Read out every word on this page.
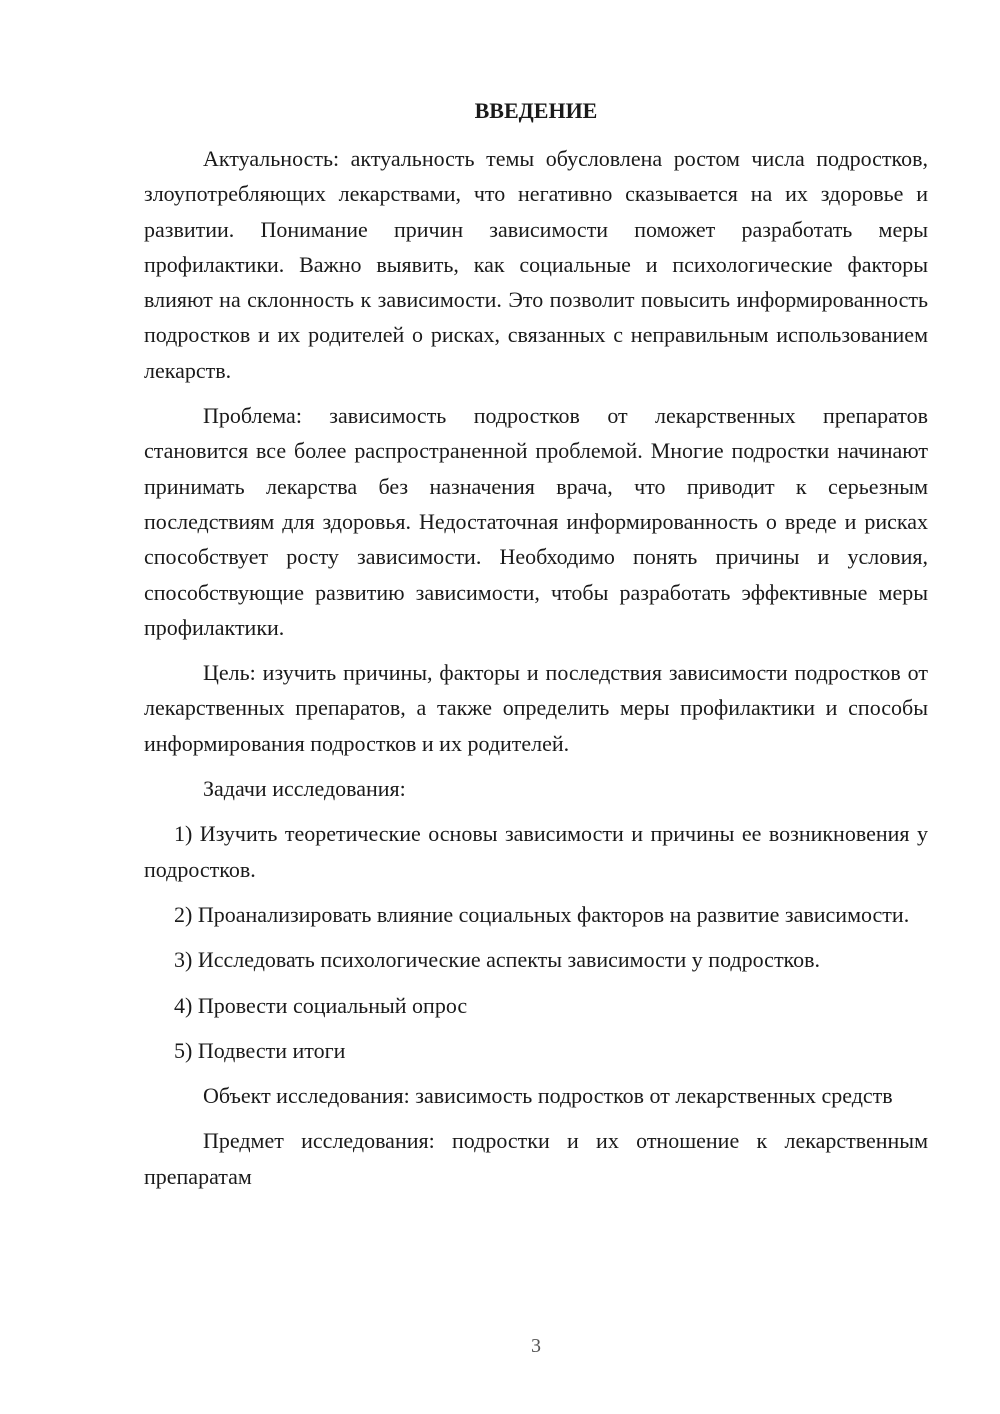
ВВЕДЕНИЕ

Актуальность: актуальность темы обусловлена ростом числа подростков, злоупотребляющих лекарствами, что негативно сказывается на их здоровье и развитии. Понимание причин зависимости поможет разработать меры профилактики. Важно выявить, как социальные и психологические факторы влияют на склонность к зависимости. Это позволит повысить информированность подростков и их родителей о рисках, связанных с неправильным использованием лекарств.

Проблема: зависимость подростков от лекарственных препаратов становится все более распространенной проблемой. Многие подростки начинают принимать лекарства без назначения врача, что приводит к серьезным последствиям для здоровья. Недостаточная информированность о вреде и рисках способствует росту зависимости. Необходимо понять причины и условия, способствующие развитию зависимости, чтобы разработать эффективные меры профилактики.

Цель: изучить причины, факторы и последствия зависимости подростков от лекарственных препаратов, а также определить меры профилактики и способы информирования подростков и их родителей.

Задачи исследования:

1) Изучить теоретические основы зависимости и причины ее возникновения у подростков.

2) Проанализировать влияние социальных факторов на развитие зависимости.

3) Исследовать психологические аспекты зависимости у подростков.

4) Провести социальный опрос

5) Подвести итоги

Объект исследования: зависимость подростков от лекарственных средств

Предмет исследования: подростки и их отношение к лекарственным препаратам

3
